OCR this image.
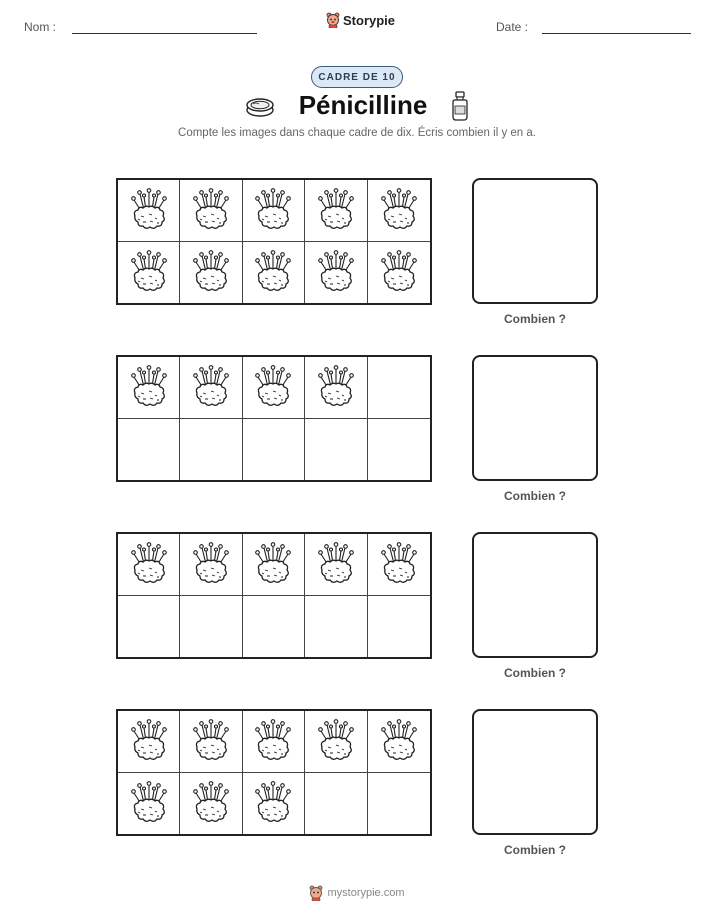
Nom :	Storypie	Date :
CADRE DE 10
Pénicilline
Compte les images dans chaque cadre de dix. Écris combien il y en a.
Combien ?
Combien ?
Combien ?
Combien ?
mystorypie.com
